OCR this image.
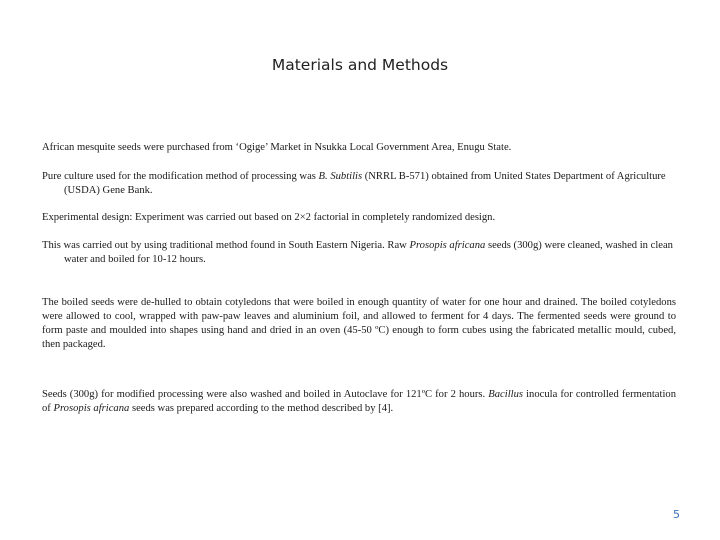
Materials and Methods
African mesquite seeds were purchased from ‘Ogige’ Market in Nsukka Local Government Area, Enugu State.
Pure culture used for the modification method of processing was B. Subtilis (NRRL B-571) obtained from United States Department of Agriculture (USDA) Gene Bank.
Experimental design: Experiment was carried out based on 2×2 factorial in completely randomized design.
This was carried out by using traditional method found in South Eastern Nigeria. Raw Prosopis africana seeds (300g) were cleaned, washed in clean water and boiled for 10-12 hours.
The boiled seeds were de-hulled to obtain cotyledons that were boiled in enough quantity of water for one hour and drained. The boiled cotyledons were allowed to cool, wrapped with paw-paw leaves and aluminium foil, and allowed to ferment for 4 days. The fermented seeds were ground to form paste and moulded into shapes using hand and dried in an oven (45-50 ºC) enough to form cubes using the fabricated metallic mould, cubed, then packaged.
Seeds (300g) for modified processing were also washed and boiled in Autoclave for 121ºC for 2 hours. Bacillus inocula for controlled fermentation of Prosopis africana seeds was prepared according to the method described by [4].
5
